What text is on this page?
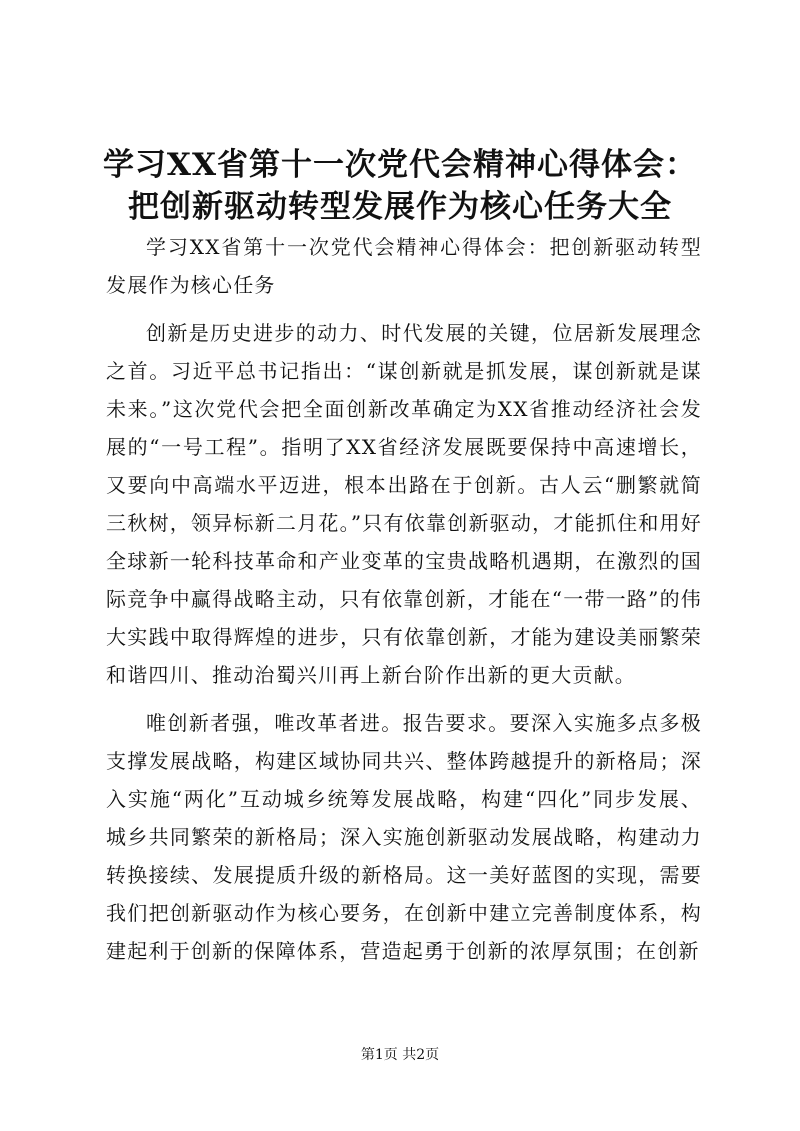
学习XX省第十一次党代会精神心得体会：把创新驱动转型发展作为核心任务大全

学习XX省第十一次党代会精神心得体会：把创新驱动转型发展作为核心任务

创新是历史进步的动力、时代发展的关键，位居新发展理念之首。习近平总书记指出：“谋创新就是抓发展，谋创新就是谋未来。”这次党代会把全面创新改革确定为XX省推动经济社会发展的“一号工程”。指明了XX省经济发展既要保持中高速增长，又要向中高端水平迈进，根本出路在于创新。古人云“删繁就简三秋树，领异标新二月花。”只有依靠创新驱动，才能抓住和用好全球新一轮科技革命和产业变革的宝贵战略机遇期，在激烈的国际竞争中赢得战略主动，只有依靠创新，才能在“一带一路”的伟大实践中取得辉煌的进步，只有依靠创新，才能为建设美丽繁荣和谐四川、推动治蜀兴川再上新台阶作出新的更大贡献。

唯创新者强，唯改革者进。报告要求。要深入实施多点多极支撑发展战略，构建区域协同共兴、整体跨越提升的新格局；深入实施“两化”互动城乡统筹发展战略，构建“四化”同步发展、城乡共同繁荣的新格局；深入实施创新驱动发展战略，构建动力转换接续、发展提质升级的新格局。这一美好蓝图的实现，需要我们把创新驱动作为核心要务，在创新中建立完善制度体系，构建起利于创新的保障体系，营造起勇于创新的浓厚氛围；在创新

第1页 共2页
